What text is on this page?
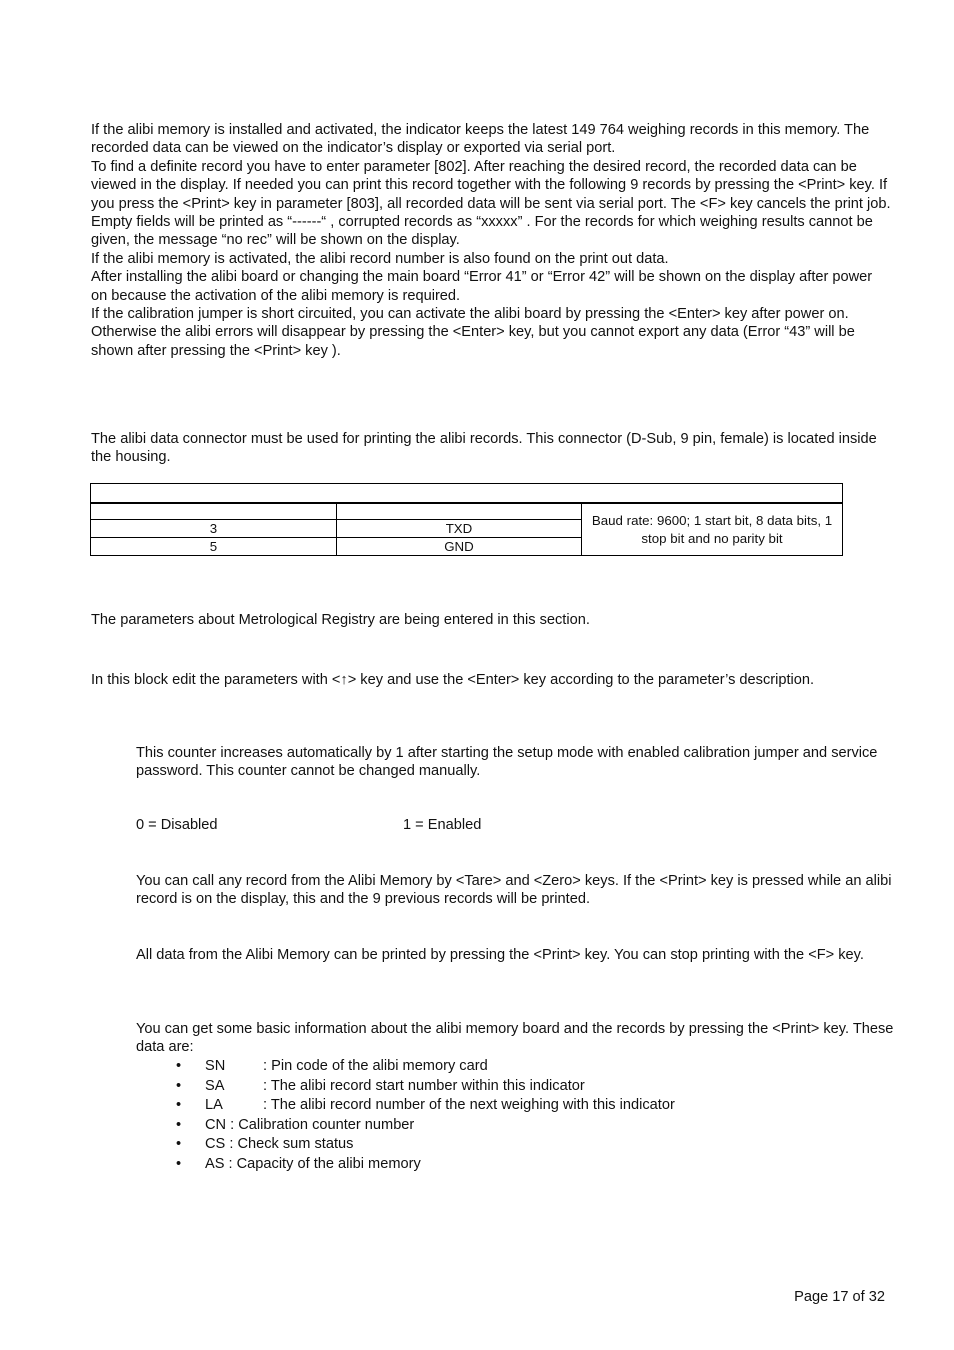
If the alibi memory is installed and activated, the indicator keeps the latest 149 764 weighing records in this memory. The recorded data can be viewed on the indicator’s display or exported via serial port.

To find a definite record you have to enter parameter [802]. After reaching the desired record, the recorded data can be viewed in the display. If needed you can print this record together with the following 9 records by pressing the <Print> key. If you press the <Print> key in parameter [803], all recorded data will be sent via serial port. The <F> key cancels the print job.

Empty fields will be printed as “------“ , corrupted records as “xxxxx” . For the records for which weighing results cannot be given, the message “no rec” will be shown on the display.

If the alibi memory is activated, the alibi record number is also found on the print out data.

After installing the alibi board or changing the main board “Error 41” or “Error 42” will be shown on the display after power on because the activation of the alibi memory is required.

If the calibration jumper is short circuited, you can activate the alibi board by pressing the <Enter> key after power on. Otherwise the alibi errors will disappear by pressing the <Enter> key, but you cannot export any data (Error “43” will be shown after pressing the <Print> key ).

The alibi data connector must be used for printing the alibi records. This connector (D-Sub, 9 pin, female) is located inside the housing.

		Baud rate: 9600; 1 start bit, 8 data bits, 1 stop bit and no parity bit
3	TXD	
5	GND	

The parameters about Metrological Registry are being entered in this section.

In this block edit the parameters with <↑> key and use the <Enter> key according to the parameter’s description.

This counter increases automatically by 1 after starting the setup mode with enabled calibration jumper and service password. This counter cannot be changed manually.

0 = Disabled	1 = Enabled

You can call any record from the Alibi Memory by <Tare> and <Zero> keys. If the <Print> key is pressed while an alibi record is on the display, this and the 9 previous records will be printed.

All data from the Alibi Memory can be printed by pressing the <Print> key. You can stop printing with the <F> key.

You can get some basic information about the alibi memory board and the records by pressing the <Print> key. These data are:

• SN	: Pin code of the alibi memory card
• SA	: The alibi record start number within this indicator
• LA	: The alibi record number of the next weighing with this indicator
• CN : Calibration counter number
• CS : Check sum status
• AS : Capacity of the alibi memory
Page 17 of 32
